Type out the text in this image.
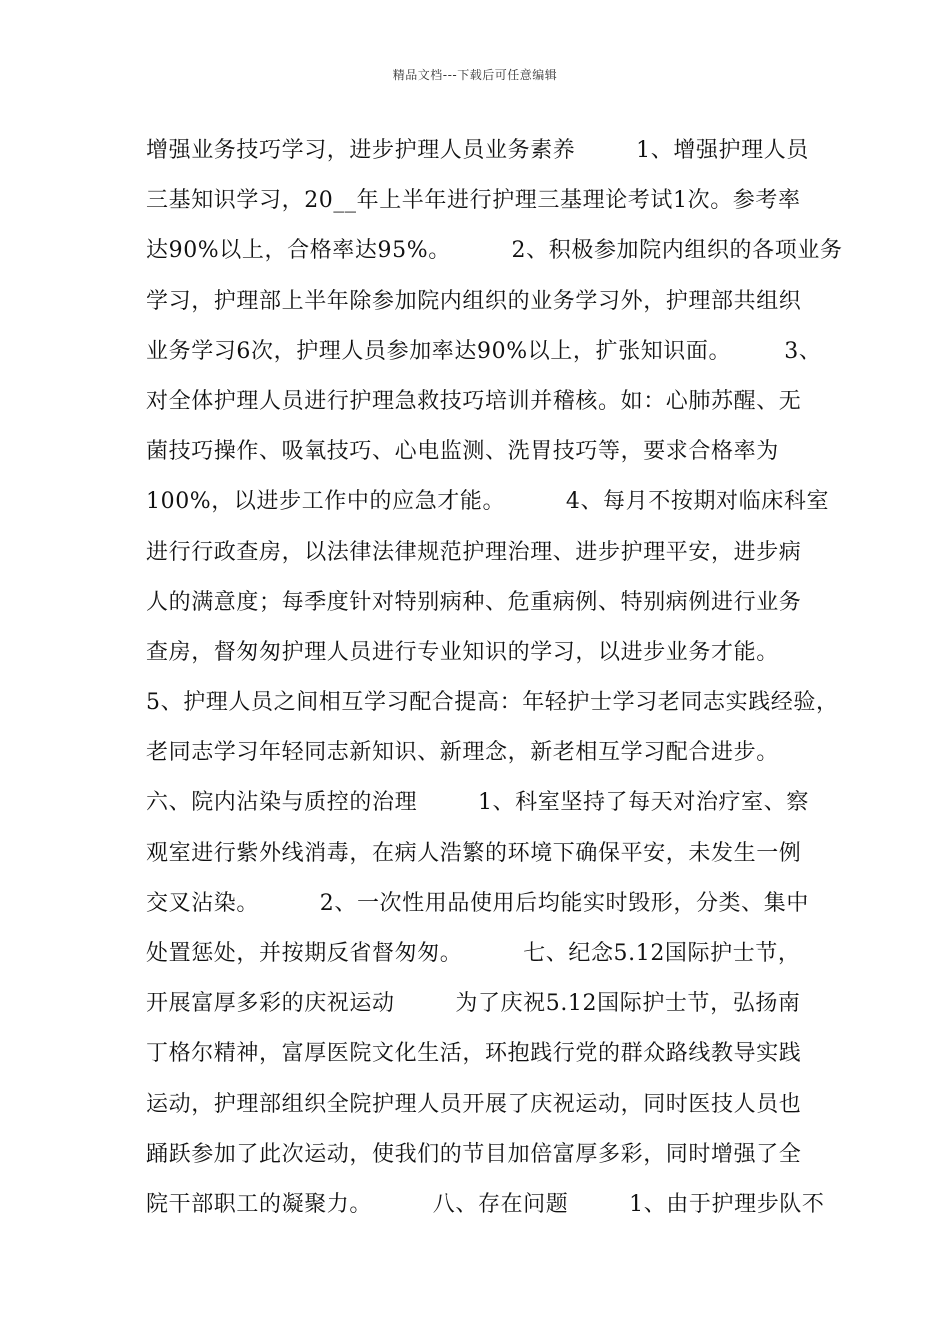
精品文档---下载后可任意编辑
增强业务技巧学习，进步护理人员业务素养        1、增强护理人员
三基知识学习，20__年上半年进行护理三基理论考试1次。参考率
达90%以上，合格率达95%。        2、积极参加院内组织的各项业务
学习，护理部上半年除参加院内组织的业务学习外，护理部共组织
业务学习6次，护理人员参加率达90%以上，扩张知识面。       3、
对全体护理人员进行护理急救技巧培训并稽核。如：心肺苏醒、无
菌技巧操作、吸氧技巧、心电监测、洗胃技巧等，要求合格率为
100%，以进步工作中的应急才能。        4、每月不按期对临床科室
进行行政查房，以法律法律规范护理治理、进步护理平安，进步病
人的满意度；每季度针对特别病种、危重病例、特别病例进行业务
查房，督匆匆护理人员进行专业知识的学习，以进步业务才能。
5、护理人员之间相互学习配合提高：年轻护士学习老同志实践经验，
老同志学习年轻同志新知识、新理念，新老相互学习配合进步。
六、院内沾染与质控的治理        1、科室坚持了每天对治疗室、察
观室进行紫外线消毒，在病人浩繁的环境下确保平安，未发生一例
交叉沾染。        2、一次性用品使用后均能实时毁形，分类、集中
处置惩处，并按期反省督匆匆。        七、纪念5.12国际护士节，
开展富厚多彩的庆祝运动        为了庆祝5.12国际护士节，弘扬南
丁格尔精神，富厚医院文化生活，环抱践行党的群众路线教导实践
运动，护理部组织全院护理人员开展了庆祝运动，同时医技人员也
踊跃参加了此次运动，使我们的节目加倍富厚多彩，同时增强了全
院干部职工的凝聚力。        八、存在问题        1、由于护理步队不
